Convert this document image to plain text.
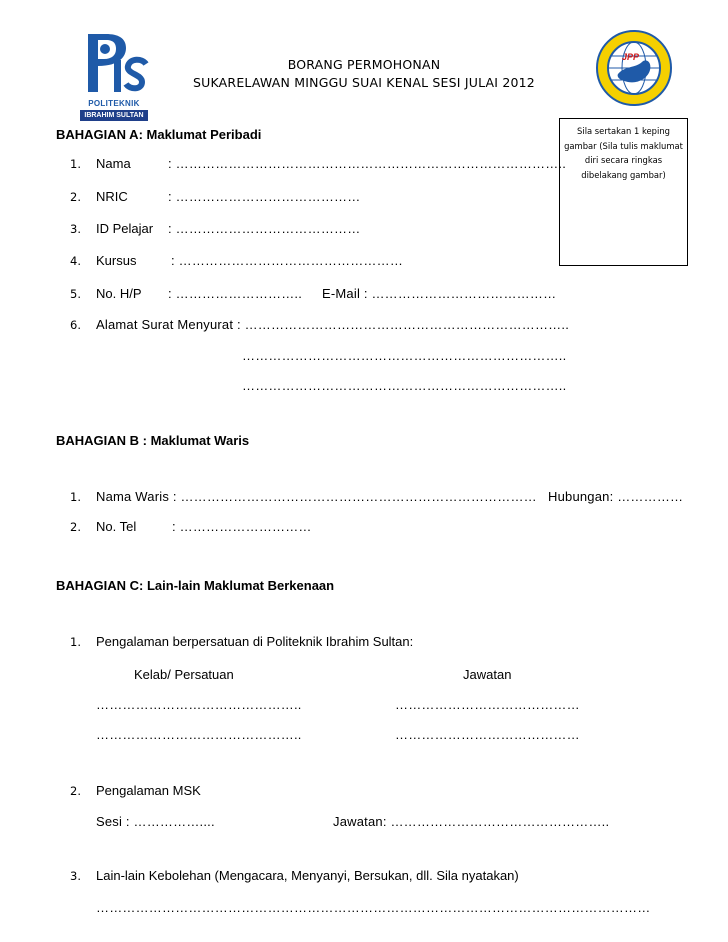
POLITEKNIK
IBRAHIM SULTAN
JPP
BORANG PERMOHONAN
SUKARELAWAN MINGGU SUAI KENAL SESI JULAI 2012
Sila sertakan 1 keping gambar (Sila tulis maklumat diri secara ringkas dibelakang gambar)
BAHAGIAN A: Maklumat Peribadi
1. Nama	: ……………………………………………………………………………..
2. NRIC	: ……………………………………
3. ID Pelajar : ……………………………………
4. Kursus	: ……………………………………………
5. No. H/P : ……………………….. E-Mail : ……………………………………
6. Alamat Surat Menyurat : ………………………………………………………………..
………………………………………………………………..
………………………………………………………………..
BAHAGIAN B : Maklumat Waris
1. Nama Waris : ……………………………………………………………………… Hubungan: ……………
2. No. Tel	: …………………………
BAHAGIAN C: Lain-lain Maklumat Berkenaan
1. Pengalaman berpersatuan di Politeknik Ibrahim Sultan:
Kelab/ Persatuan	Jawatan
………………………………………..	……………………………………
………………………………………..	……………………………………
2. Pengalaman MSK
Sesi : ……………....	Jawatan: …………………………………………..
3. Lain-lain Kebolehan (Mengacara, Menyanyi, Bersukan, dll. Sila nyatakan)
………………………………………………………………………………………………………………
